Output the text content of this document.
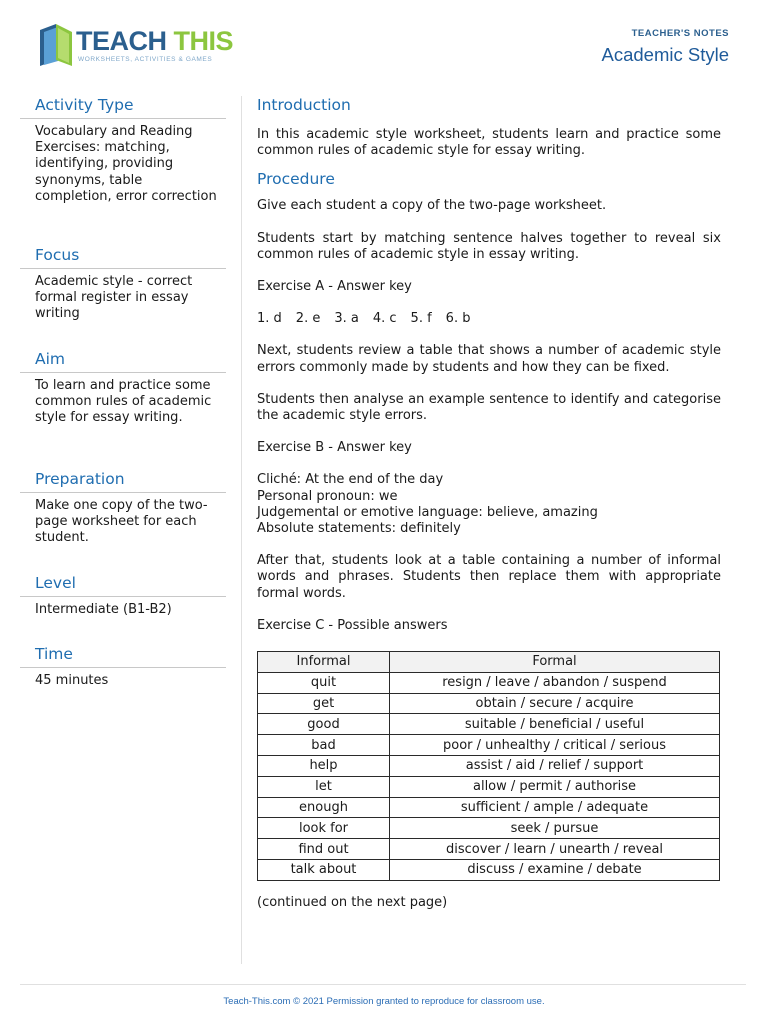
TEACH THIS
WORKSHEETS, ACTIVITIES & GAMES
TEACHER'S NOTES
Academic Style
Activity Type
Vocabulary and Reading Exercises: matching, identifying, providing synonyms, table completion, error correction
Focus
Academic style - correct formal register in essay writing
Aim
To learn and practice some common rules of academic style for essay writing.
Preparation
Make one copy of the two-page worksheet for each student.
Level
Intermediate (B1-B2)
Time
45 minutes
Introduction
In this academic style worksheet, students learn and practice some common rules of academic style for essay writing.
Procedure
Give each student a copy of the two-page worksheet.
Students start by matching sentence halves together to reveal six common rules of academic style in essay writing.
Exercise A - Answer key
1. d 2. e 3. a 4. c 5. f 6. b
Next, students review a table that shows a number of academic style errors commonly made by students and how they can be fixed.
Students then analyse an example sentence to identify and categorise the academic style errors.
Exercise B - Answer key
Cliché: At the end of the day
Personal pronoun: we
Judgemental or emotive language: believe, amazing
Absolute statements: definitely
After that, students look at a table containing a number of informal words and phrases. Students then replace them with appropriate formal words.
Exercise C - Possible answers
Informal	Formal
quit	resign / leave / abandon / suspend
get	obtain / secure / acquire
good	suitable / beneficial / useful
bad	poor / unhealthy / critical / serious
help	assist / aid / relief / support
let	allow / permit / authorise
enough	sufficient / ample / adequate
look for	seek / pursue
find out	discover / learn / unearth / reveal
talk about	discuss / examine / debate
(continued on the next page)
Teach-This.com © 2021 Permission granted to reproduce for classroom use.
